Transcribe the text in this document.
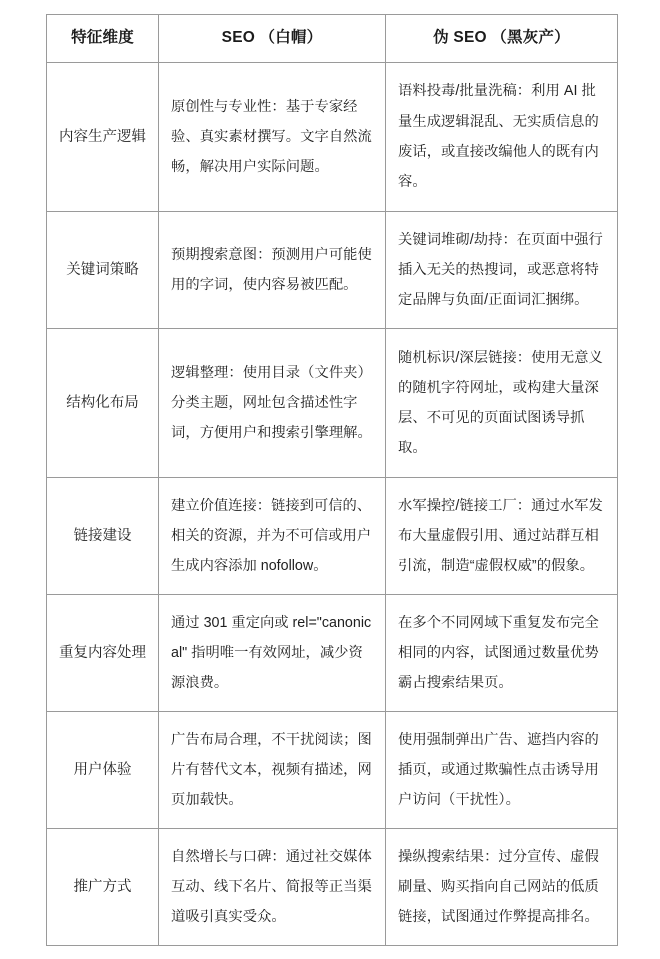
特征维度	SEO （白帽）	伪 SEO （黑灰产）
内容生产逻辑	原创性与专业性：基于专家经验、真实素材撰写。文字自然流畅，解决用户实际问题。	语料投毒/批量洗稿：利用 AI 批量生成逻辑混乱、无实质信息的废话，或直接改编他人的既有内容。
关键词策略	预期搜索意图：预测用户可能使用的字词，使内容易被匹配。	关键词堆砌/劫持：在页面中强行插入无关的热搜词，或恶意将特定品牌与负面/正面词汇捆绑。
结构化布局	逻辑整理：使用目录（文件夹）分类主题，网址包含描述性字词，方便用户和搜索引擎理解。	随机标识/深层链接：使用无意义的随机字符网址，或构建大量深层、不可见的页面试图诱导抓取。
链接建设	建立价值连接：链接到可信的、相关的资源，并为不可信或用户生成内容添加 nofollow。	水军操控/链接工厂：通过水军发布大量虚假引用、通过站群互相引流，制造“虚假权威”的假象。
重复内容处理	通过 301 重定向或 rel="canonical" 指明唯一有效网址，减少资源浪费。	在多个不同网域下重复发布完全相同的内容，试图通过数量优势霸占搜索结果页。
用户体验	广告布局合理，不干扰阅读；图片有替代文本，视频有描述，网页加载快。	使用强制弹出广告、遮挡内容的插页，或通过欺骗性点击诱导用户访问（干扰性）。
推广方式	自然增长与口碑：通过社交媒体互动、线下名片、简报等正当渠道吸引真实受众。	操纵搜索结果：过分宣传、虚假刷量、购买指向自己网站的低质链接，试图通过作弊提高排名。
